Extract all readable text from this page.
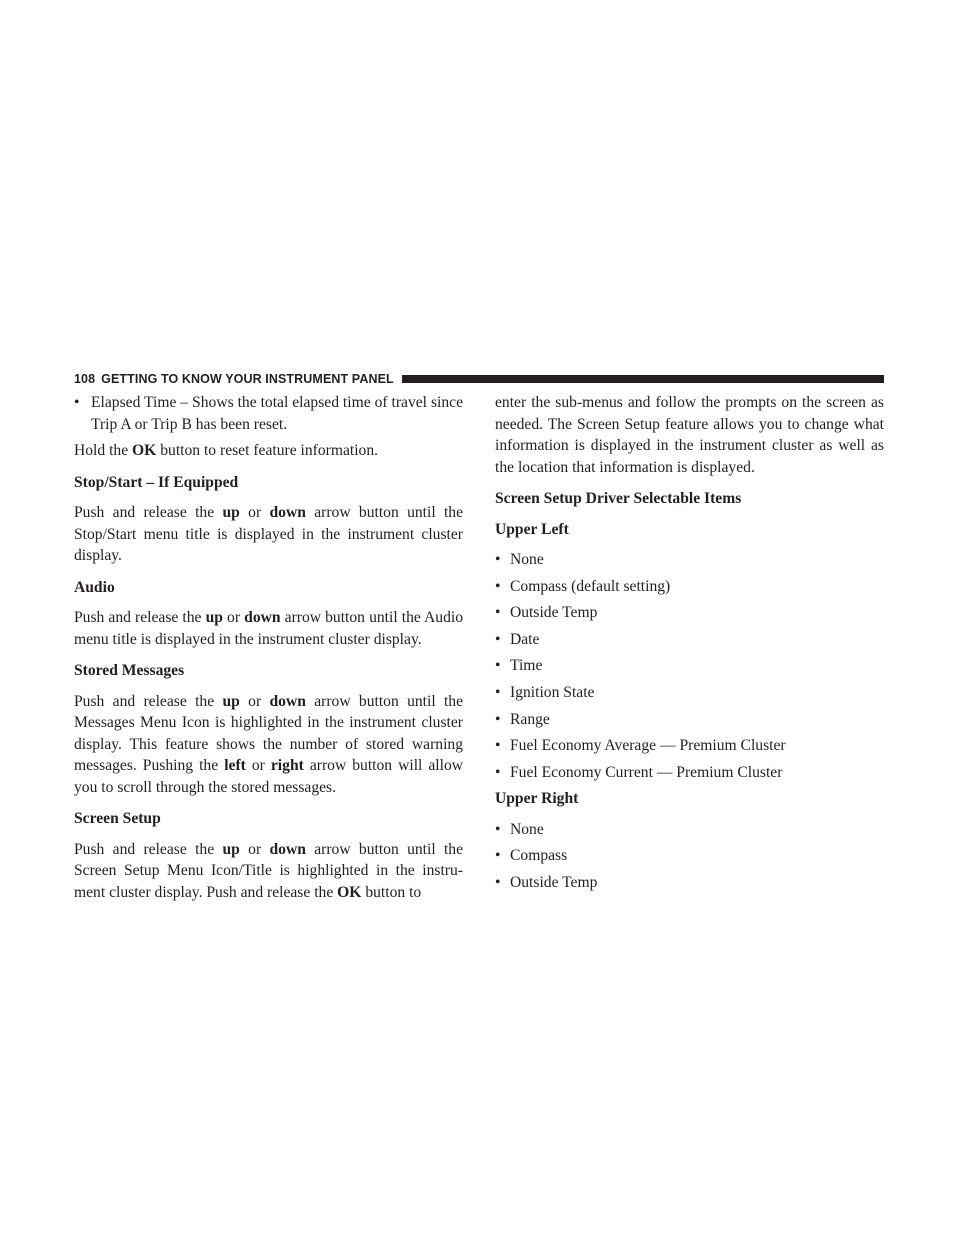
108 GETTING TO KNOW YOUR INSTRUMENT PANEL
• Elapsed Time – Shows the total elapsed time of travel since Trip A or Trip B has been reset.

Hold the OK button to reset feature information.

Stop/Start – If Equipped

Push and release the up or down arrow button until the Stop/Start menu title is displayed in the instrument cluster display.

Audio

Push and release the up or down arrow button until the Audio menu title is displayed in the instrument cluster display.

Stored Messages

Push and release the up or down arrow button until the Messages Menu Icon is highlighted in the instrument cluster display. This feature shows the number of stored warning messages. Pushing the left or right arrow button will allow you to scroll through the stored messages.

Screen Setup

Push and release the up or down arrow button until the Screen Setup Menu Icon/Title is highlighted in the instru-ment cluster display. Push and release the OK button to

enter the sub-menus and follow the prompts on the screen as needed. The Screen Setup feature allows you to change what information is displayed in the instrument cluster as well as the location that information is displayed.

Screen Setup Driver Selectable Items

Upper Left

• None
• Compass (default setting)
• Outside Temp
• Date
• Time
• Ignition State
• Range
• Fuel Economy Average — Premium Cluster
• Fuel Economy Current — Premium Cluster

Upper Right

• None
• Compass
• Outside Temp
